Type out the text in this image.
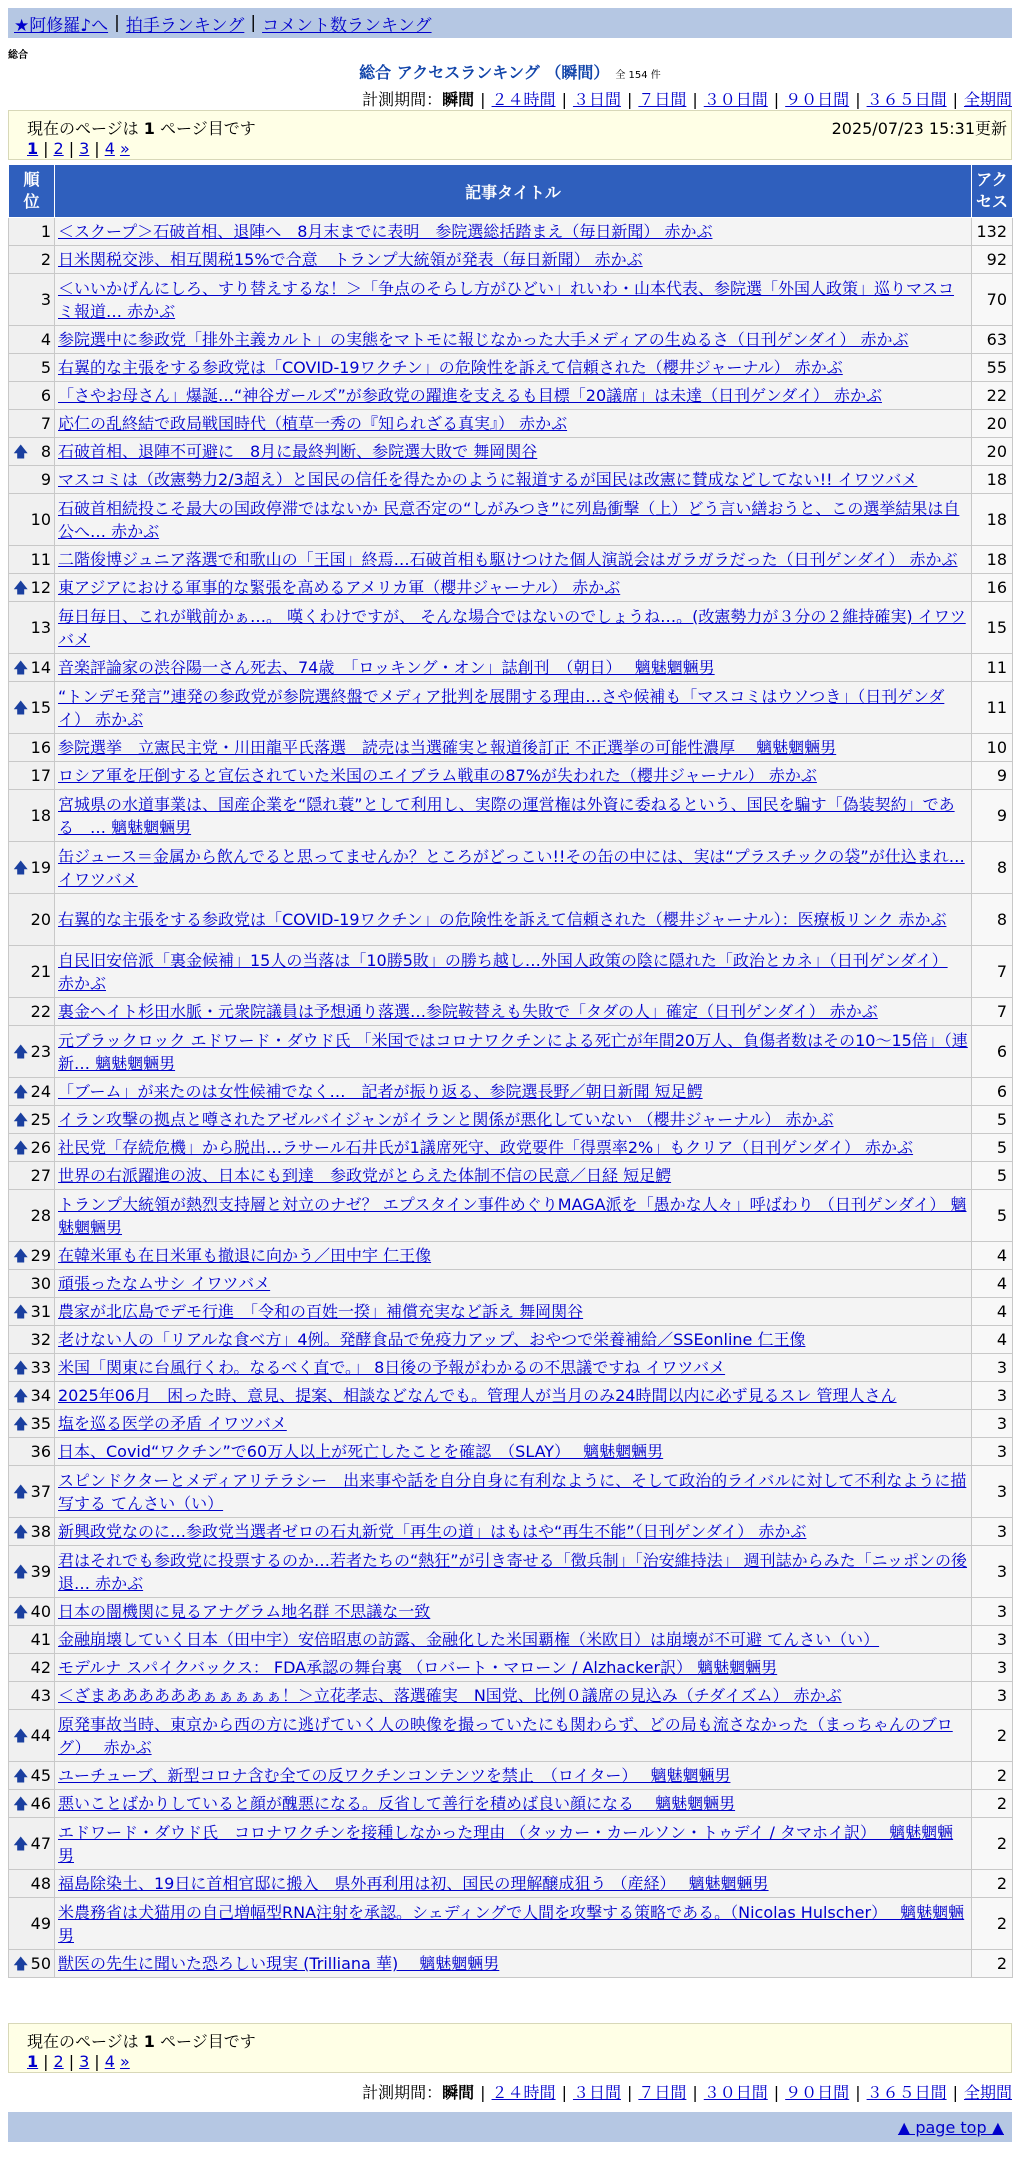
★阿修羅♪へ | 拍手ランキング | コメント数ランキング
総合
総合 アクセスランキング （瞬間） 全 154 件
計測期間：瞬間 | ２４時間 | ３日間 | ７日間 | ３０日間 | ９０日間 | ３６５日間 | 全期間
現在のページは 1 ページ目です
1 | 2 | 3 | 4 »
2025/07/23 15:31更新
順位	記事タイトル	アクセス
1	＜スクープ＞石破首相、退陣へ　8月末までに表明　参院選総括踏まえ（毎日新聞） 赤かぶ	132
2	日米関税交渉、相互関税15%で合意　トランプ大統領が発表（毎日新聞） 赤かぶ	92
3	＜いいかげんにしろ、すり替えするな！＞「争点のそらし方がひどい」れいわ・山本代表、参院選「外国人政策」巡りマスコミ報道… 赤かぶ	70
4	参院選中に参政党「排外主義カルト」の実態をマトモに報じなかった大手メディアの生ぬるさ（日刊ゲンダイ） 赤かぶ	63
5	右翼的な主張をする参政党は「COVID-19ワクチン」の危険性を訴えて信頼された（櫻井ジャーナル） 赤かぶ	55
6	「さやお母さん」爆誕…“神谷ガールズ”が参政党の躍進を支えるも目標「20議席」は未達（日刊ゲンダイ） 赤かぶ	22
7	応仁の乱終結で政局戦国時代（植草一秀の『知られざる真実』） 赤かぶ	20

🡅 8	石破首相、退陣不可避に　8月に最終判断、参院選大敗で 舞岡関谷	20
9	マスコミは（改憲勢力2/3超え）と国民の信任を得たかのように報道するが国民は改憲に賛成などしてない!! イワツバメ	18
10	石破首相続投こそ最大の国政停滞ではないか 民意否定の“しがみつき”に列島衝撃（上）どう言い繕おうと、この選挙結果は自公へ… 赤かぶ	18
11	二階俊博ジュニア落選で和歌山の「王国」終焉…石破首相も駆けつけた個人演説会はガラガラだった（日刊ゲンダイ） 赤かぶ	18

🡅 12	東アジアにおける軍事的な緊張を高めるアメリカ軍（櫻井ジャーナル） 赤かぶ	16
13	毎日毎日、これが戦前かぁ…。 嘆くわけですが、 そんな場合ではないのでしょうね…。(改憲勢力が３分の２維持確実) イワツバメ	15

🡅 14	音楽評論家の渋谷陽一さん死去、74歳　「ロッキング・オン」誌創刊　（朝日）　 魑魅魍魎男	11

🡅 15	“トンデモ発言”連発の参政党が参院選終盤でメディア批判を展開する理由…さや候補も「マスコミはウソつき」（日刊ゲンダイ） 赤かぶ	11
16	参院選挙　立憲民主党・川田龍平氏落選　読売は当選確実と報道後訂正 不正選挙の可能性濃厚　 魑魅魍魎男	10
17	ロシア軍を圧倒すると宣伝されていた米国のエイブラム戦車の87%が失われた（櫻井ジャーナル） 赤かぶ	9
18	宮城県の水道事業は、国産企業を“隠れ蓑”として利用し、実際の運営権は外資に委ねるという、国民を騙す「偽装契約」である　… 魑魅魍魎男	9

🡅 19	缶ジュース＝金属から飲んでると思ってませんか？ところがどっこい!!その缶の中には、実は“プラスチックの袋”が仕込まれ… イワツバメ	8
20	右翼的な主張をする参政党は「COVID-19ワクチン」の危険性を訴えて信頼された（櫻井ジャーナル）：医療板リンク 赤かぶ	8
21	自民旧安倍派「裏金候補」15人の当落は「10勝5敗」の勝ち越し…外国人政策の陰に隠れた「政治とカネ」（日刊ゲンダイ） 赤かぶ	7
22	裏金ヘイト杉田水脈・元衆院議員は予想通り落選…参院鞍替えも失敗で「タダの人」確定（日刊ゲンダイ） 赤かぶ	7

🡅 23	元ブラックロック エドワード・ダウド氏 「米国ではコロナワクチンによる死亡が年間20万人、負傷者数はその10～15倍」（連新… 魑魅魍魎男	6

🡅 24	「ブーム」が来たのは女性候補でなく…　記者が振り返る、参院選長野／朝日新聞 短足鰐	6

🡅 25	イラン攻撃の拠点と噂されたアゼルバイジャンがイランと関係が悪化していない （櫻井ジャーナル） 赤かぶ	5

🡅 26	社民党「存続危機」から脱出…ラサール石井氏が1議席死守、政党要件「得票率2%」もクリア（日刊ゲンダイ） 赤かぶ	5
27	世界の右派躍進の波、日本にも到達　参政党がとらえた体制不信の民意／日経 短足鰐	5
28	トランプ大統領が熱烈支持層と対立のナゼ？ エプスタイン事件めぐりMAGA派を「愚かな人々」呼ばわり （日刊ゲンダイ） 魑魅魍魎男	5

🡅 29	在韓米軍も在日米軍も撤退に向かう／田中宇 仁王像	4
30	頑張ったなムサシ イワツバメ	4

🡅 31	農家が北広島でデモ行進　「令和の百姓一揆」補償充実など訴え 舞岡関谷	4
32	老けない人の「リアルな食べ方」4例。発酵食品で免疫力アップ、おやつで栄養補給／SSEonline 仁王像	4

🡅 33	米国「関東に台風行くわ。なるべく直で。」 8日後の予報がわかるの不思議ですね イワツバメ	3

🡅 34	2025年06月　困った時、意見、提案、相談などなんでも。管理人が当月のみ24時間以内に必ず見るスレ 管理人さん	3

🡅 35	塩を巡る医学の矛盾 イワツバメ	3
36	日本、Covid“ワクチン”で60万人以上が死亡したことを確認　（SLAY）　 魑魅魍魎男	3

🡅 37	スピンドクターとメディアリテラシー　出来事や話を自分自身に有利なように、そして政治的ライバルに対して不利なように描写する てんさい（い）	3

🡅 38	新興政党なのに…参政党当選者ゼロの石丸新党「再生の道」はもはや“再生不能”（日刊ゲンダイ） 赤かぶ	3

🡅 39	君はそれでも参政党に投票するのか…若者たちの“熱狂”が引き寄せる「徴兵制」「治安維持法」 週刊誌からみた「ニッポンの後退… 赤かぶ	3

🡅 40	日本の闇機関に見るアナグラム地名群 不思議な一致	3
41	金融崩壊していく日本（田中宇）安倍昭恵の訪露、金融化した米国覇権（米欧日）は崩壊が不可避 てんさい（い）	3
42	モデルナ スパイクバックス： FDA承認の舞台裏 （ロバート・マローン / Alzhacker訳） 魑魅魍魎男	3
43	＜ざまああああああぁぁぁぁぁ！＞立花孝志、落選確実　N国党、比例０議席の見込み（チダイズム） 赤かぶ	3

🡅 44	原発事故当時、東京から西の方に逃げていく人の映像を撮っていたにも関わらず、どの局も流さなかった（まっちゃんのブログ）　 赤かぶ	2

🡅 45	ユーチューブ、新型コロナ含む全ての反ワクチンコンテンツを禁止　（ロイター）　 魑魅魍魎男	2

🡅 46	悪いことばかりしていると顔が醜悪になる。反省して善行を積めば良い顔になる　 魑魅魍魎男	2

🡅 47	エドワード・ダウド氏　コロナワクチンを接種しなかった理由 （タッカー・カールソン・トゥデイ / タマホイ訳）　 魑魅魍魎男	2
48	福島除染土、19日に首相官邸に搬入　県外再利用は初、国民の理解醸成狙う （産経）　 魑魅魍魎男	2
49	米農務省は犬猫用の自己増幅型RNA注射を承認。シェディングで人間を攻撃する策略である。（Nicolas Hulscher）　 魑魅魍魎男	2

🡅 50	獣医の先生に聞いた恐ろしい現実 (Trilliana 華)　 魑魅魍魎男	2
現在のページは 1 ページ目です
1 | 2 | 3 | 4 »
計測期間：瞬間 | ２４時間 | ３日間 | ７日間 | ３０日間 | ９０日間 | ３６５日間 | 全期間
▲ page top ▲
